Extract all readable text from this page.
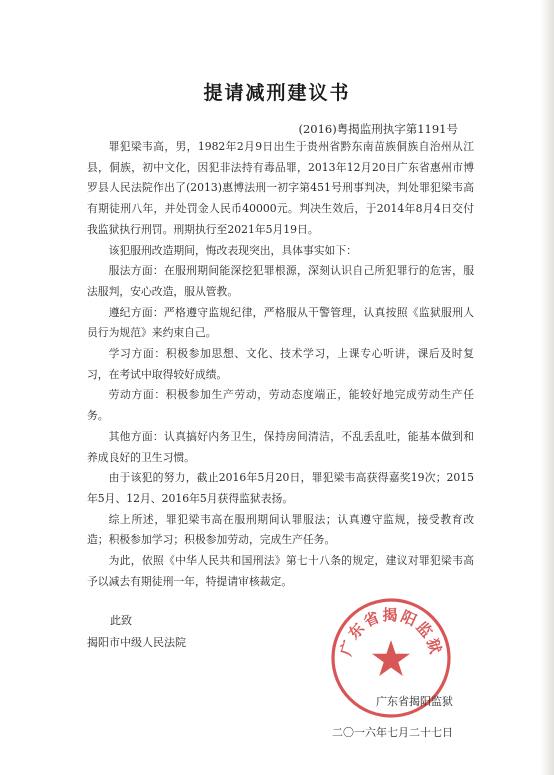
提请减刑建议书
(2016)粤揭监刑执字第1191号

罪犯梁韦高，男，1982年2月9日出生于贵州省黔东南苗族侗族自治州从江县，侗族，初中文化，因犯非法持有毒品罪，2013年12月20日广东省惠州市博罗县人民法院作出了(2013)惠博法刑一初字第451号刑事判决，判处罪犯梁韦高有期徒刑八年，并处罚金人民币40000元。判决生效后，于2014年8月4日交付我监狱执行刑罚。刑期执行至2021年5月19日。

该犯服刑改造期间，悔改表现突出，具体事实如下：

服法方面：在服刑期间能深挖犯罪根源，深刻认识自己所犯罪行的危害，服法服判，安心改造，服从管教。

遵纪方面：严格遵守监规纪律，严格服从干警管理，认真按照《监狱服刑人员行为规范》来约束自己。

学习方面：积极参加思想、文化、技术学习，上课专心听讲，课后及时复习，在考试中取得较好成绩。

劳动方面：积极参加生产劳动，劳动态度端正，能较好地完成劳动生产任务。

其他方面：认真搞好内务卫生，保持房间清洁，不乱丢乱吐，能基本做到和养成良好的卫生习惯。

由于该犯的努力，截止2016年5月20日，罪犯梁韦高获得嘉奖19次；2015年5月、12月、2016年5月获得监狱表扬。

综上所述，罪犯梁韦高在服刑期间认罪服法；认真遵守监规，接受教育改造；积极参加学习；积极参加劳动，完成生产任务。

为此，依照《中华人民共和国刑法》第七十八条的规定，建议对罪犯梁韦高予以减去有期徒刑一年，特提请审核裁定。

此致
揭阳市中级人民法院	广东省揭阳监狱
广东省揭阳监狱
二〇一六年七月二十七日
